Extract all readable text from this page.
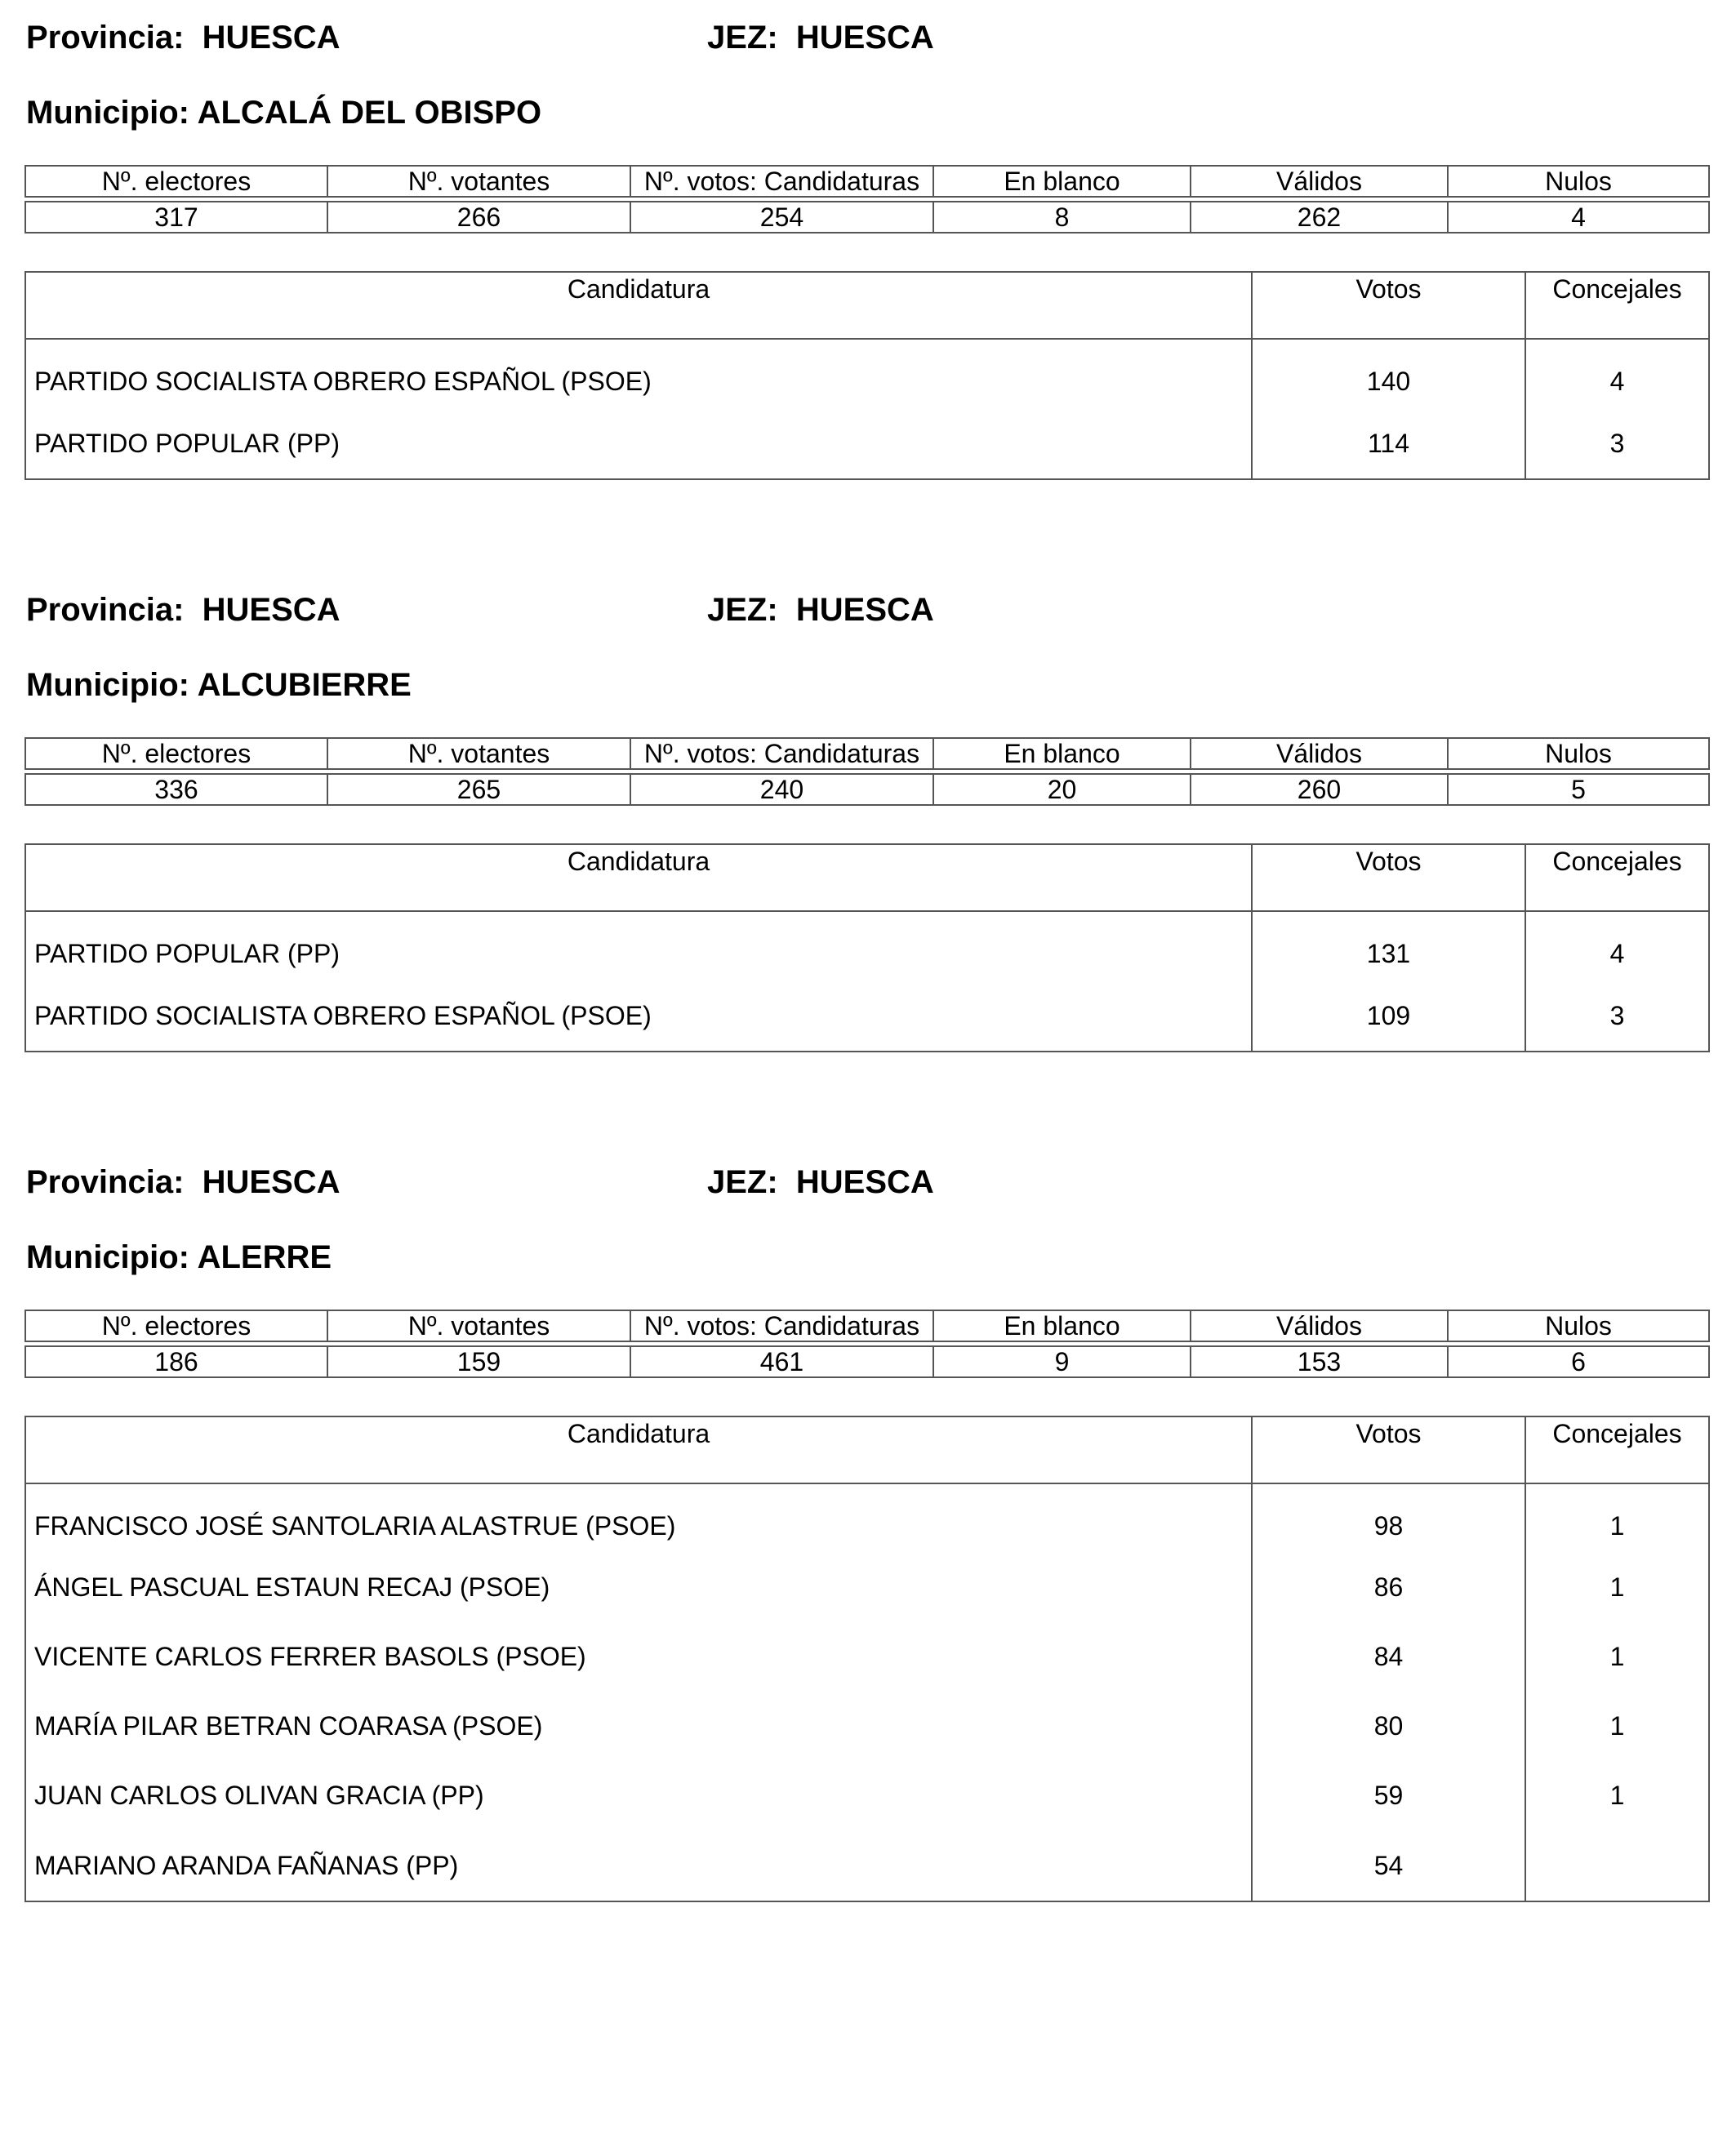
Provincia:  HUESCA	JEZ:  HUESCA
Municipio: ALCALÁ DEL OBISPO
Nº. electores	Nº. votantes	Nº. votos: Candidaturas	En blanco	Válidos	Nulos
317	266	254	8	262	4
Candidatura	Votos	Concejales
PARTIDO SOCIALISTA OBRERO ESPAÑOL (PSOE)	140	4
PARTIDO POPULAR (PP)	114	3
Provincia:  HUESCA	JEZ:  HUESCA
Municipio: ALCUBIERRE
Nº. electores	Nº. votantes	Nº. votos: Candidaturas	En blanco	Válidos	Nulos
336	265	240	20	260	5
Candidatura	Votos	Concejales
PARTIDO POPULAR (PP)	131	4
PARTIDO SOCIALISTA OBRERO ESPAÑOL (PSOE)	109	3
Provincia:  HUESCA	JEZ:  HUESCA
Municipio: ALERRE
Nº. electores	Nº. votantes	Nº. votos: Candidaturas	En blanco	Válidos	Nulos
186	159	461	9	153	6
Candidatura	Votos	Concejales
FRANCISCO JOSÉ SANTOLARIA ALASTRUE (PSOE)	98	1
ÁNGEL PASCUAL ESTAUN RECAJ (PSOE)	86	1
VICENTE CARLOS FERRER BASOLS (PSOE)	84	1
MARÍA PILAR BETRAN COARASA (PSOE)	80	1
JUAN CARLOS OLIVAN GRACIA (PP)	59	1
MARIANO ARANDA FAÑANAS (PP)	54	
